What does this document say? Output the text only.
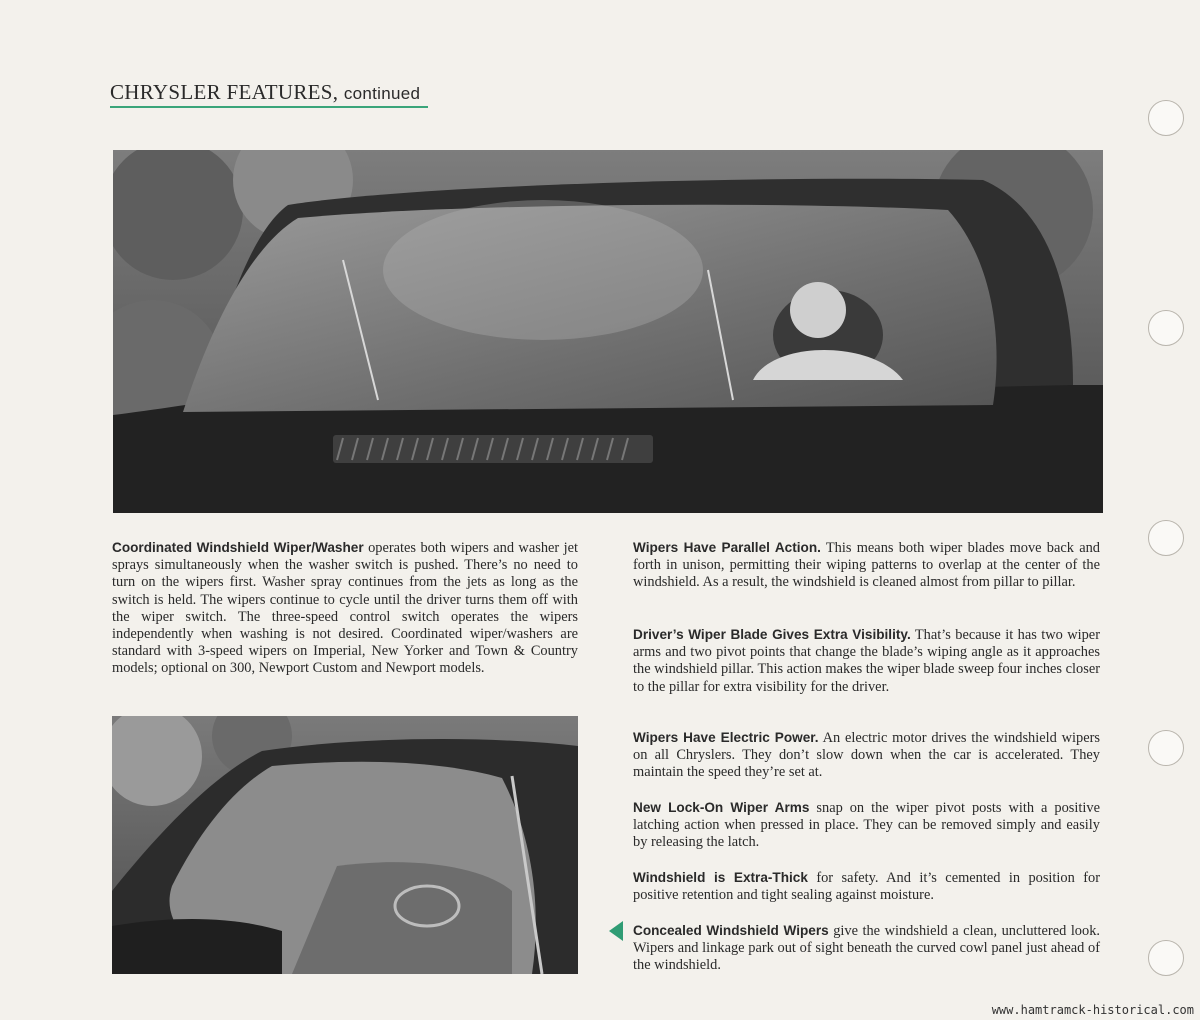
CHRYSLER FEATURES, continued
Coordinated Windshield Wiper/Washer operates both wipers and washer jet sprays simultaneously when the washer switch is pushed. There’s no need to turn on the wipers first. Washer spray continues from the jets as long as the switch is held. The wipers continue to cycle until the driver turns them off with the wiper switch. The three-speed control switch operates the wipers independently when washing is not desired. Coordinated wiper/washers are standard with 3-speed wipers on Imperial, New Yorker and Town & Country models; optional on 300, Newport Custom and Newport models.
Wipers Have Parallel Action. This means both wiper blades move back and forth in unison, permitting their wiping patterns to overlap at the center of the windshield. As a result, the windshield is cleaned almost from pillar to pillar.
Driver’s Wiper Blade Gives Extra Visibility. That’s because it has two wiper arms and two pivot points that change the blade’s wiping angle as it approaches the windshield pillar. This action makes the wiper blade sweep four inches closer to the pillar for extra visibility for the driver.
Wipers Have Electric Power. An electric motor drives the windshield wipers on all Chryslers. They don’t slow down when the car is accelerated. They maintain the speed they’re set at.
New Lock-On Wiper Arms snap on the wiper pivot posts with a positive latching action when pressed in place. They can be removed simply and easily by releasing the latch.
Windshield is Extra-Thick for safety. And it’s cemented in position for positive retention and tight sealing against moisture.
Concealed Windshield Wipers give the windshield a clean, uncluttered look. Wipers and linkage park out of sight beneath the curved cowl panel just ahead of the windshield.
www.hamtramck-historical.com
